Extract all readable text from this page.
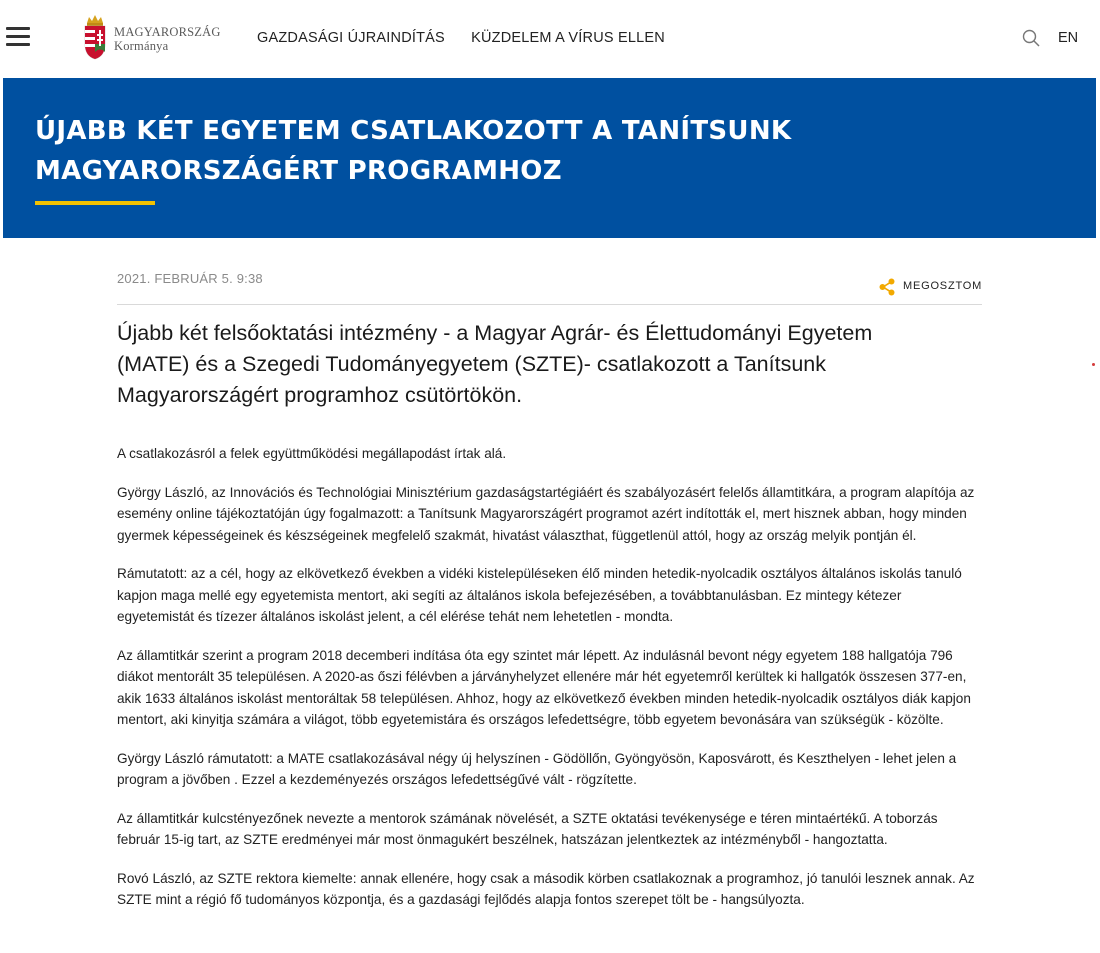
MAGYARORSZÁG
Kormánya	GAZDASÁGI ÚJRAINDÍTÁS KÜZDELEM A VÍRUS ELLEN	EN
ÚJABB KÉT EGYETEM CSATLAKOZOTT A TANÍTSUNK MAGYARORSZÁGÉRT PROGRAMHOZ
2021. FEBRUÁR 5. 9:38	MEGOSZTOM
Újabb két felsőoktatási intézmény - a Magyar Agrár- és Élettudományi Egyetem (MATE) és a Szegedi Tudományegyetem (SZTE)- csatlakozott a Tanítsunk Magyarországért programhoz csütörtökön.

A csatlakozásról a felek együttműködési megállapodást írtak alá.

György László, az Innovációs és Technológiai Minisztérium gazdaságstartégiáért és szabályozásért felelős államtitkára, a program alapítója az esemény online tájékoztatóján úgy fogalmazott: a Tanítsunk Magyarországért programot azért indították el, mert hisznek abban, hogy minden gyermek képességeinek és készségeinek megfelelő szakmát, hivatást választhat, függetlenül attól, hogy az ország melyik pontján él.

Rámutatott: az a cél, hogy az elkövetkező években a vidéki kistelepüléseken élő minden hetedik-nyolcadik osztályos általános iskolás tanuló kapjon maga mellé egy egyetemista mentort, aki segíti az általános iskola befejezésében, a továbbtanulásban. Ez mintegy kétezer egyetemistát és tízezer általános iskolást jelent, a cél elérése tehát nem lehetetlen - mondta.

Az államtitkár szerint a program 2018 decemberi indítása óta egy szintet már lépett. Az indulásnál bevont négy egyetem 188 hallgatója 796 diákot mentorált 35 településen. A 2020-as őszi félévben a járványhelyzet ellenére már hét egyetemről kerültek ki hallgatók összesen 377-en, akik 1633 általános iskolást mentoráltak 58 településen. Ahhoz, hogy az elkövetkező években minden hetedik-nyolcadik osztályos diák kapjon mentort, aki kinyitja számára a világot, több egyetemistára és országos lefedettségre, több egyetem bevonására van szükségük - közölte.

György László rámutatott: a MATE csatlakozásával négy új helyszínen - Gödöllőn, Gyöngyösön, Kaposvárott, és Keszthelyen - lehet jelen a program a jövőben . Ezzel a kezdeményezés országos lefedettségűvé vált - rögzítette.

Az államtitkár kulcstényezőnek nevezte a mentorok számának növelését, a SZTE oktatási tevékenysége e téren mintaértékű. A toborzás február 15-ig tart, az SZTE eredményei már most önmagukért beszélnek, hatszázan jelentkeztek az intézményből - hangoztatta.

Rovó László, az SZTE rektora kiemelte: annak ellenére, hogy csak a második körben csatlakoznak a programhoz, jó tanulói lesznek annak. Az SZTE mint a régió fő tudományos központja, és a gazdasági fejlődés alapja fontos szerepet tölt be - hangsúlyozta.
